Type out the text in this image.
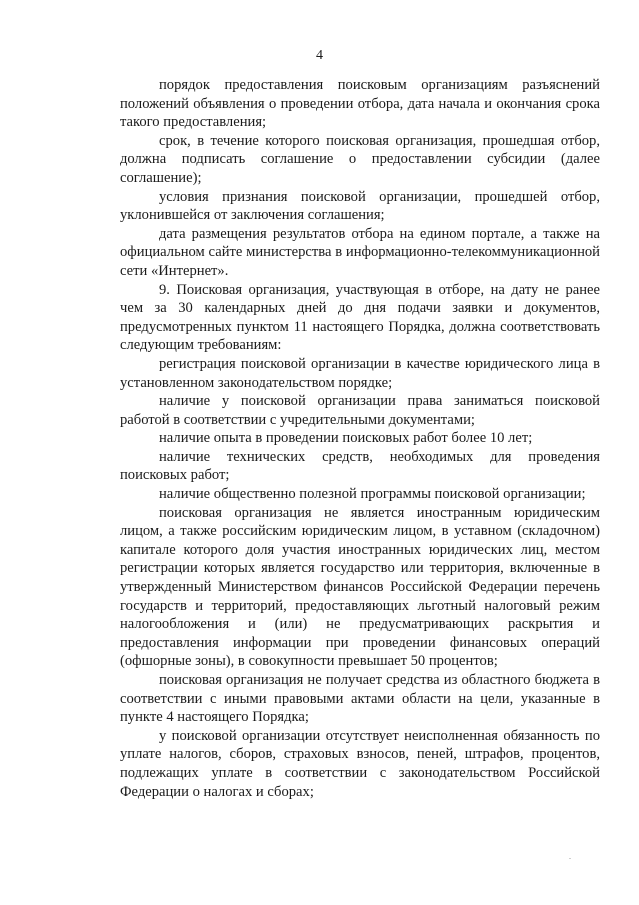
4

порядок предоставления поисковым организациям разъяснений положений объявления о проведении отбора, дата начала и окончания срока такого предоставления;

срок, в течение которого поисковая организация, прошедшая отбор, должна подписать соглашение о предоставлении субсидии (далее соглашение);

условия признания поисковой организации, прошедшей отбор, уклонившейся от заключения соглашения;

дата размещения результатов отбора на едином портале, а также на официальном сайте министерства в информационно-телекоммуникационной сети «Интернет».

9. Поисковая организация, участвующая в отборе, на дату не ранее чем за 30 календарных дней до дня подачи заявки и документов, предусмотренных пунктом 11 настоящего Порядка, должна соответствовать следующим требованиям:

регистрация поисковой организации в качестве юридического лица в установленном законодательством порядке;

наличие у поисковой организации права заниматься поисковой работой в соответствии с учредительными документами;

наличие опыта в проведении поисковых работ более 10 лет;

наличие технических средств, необходимых для проведения поисковых работ;

наличие общественно полезной программы поисковой организации;

поисковая организация не является иностранным юридическим лицом, а также российским юридическим лицом, в уставном (складочном) капитале которого доля участия иностранных юридических лиц, местом регистрации которых является государство или территория, включенные в утвержденный Министерством финансов Российской Федерации перечень государств и территорий, предоставляющих льготный налоговый режим налогообложения и (или) не предусматривающих раскрытия и предоставления информации при проведении финансовых операций (офшорные зоны), в совокупности превышает 50 процентов;

поисковая организация не получает средства из областного бюджета в соответствии с иными правовыми актами области на цели, указанные в пункте 4 настоящего Порядка;

у поисковой организации отсутствует неисполненная обязанность по уплате налогов, сборов, страховых взносов, пеней, штрафов, процентов, подлежащих уплате в соответствии с законодательством Российской Федерации о налогах и сборах;
